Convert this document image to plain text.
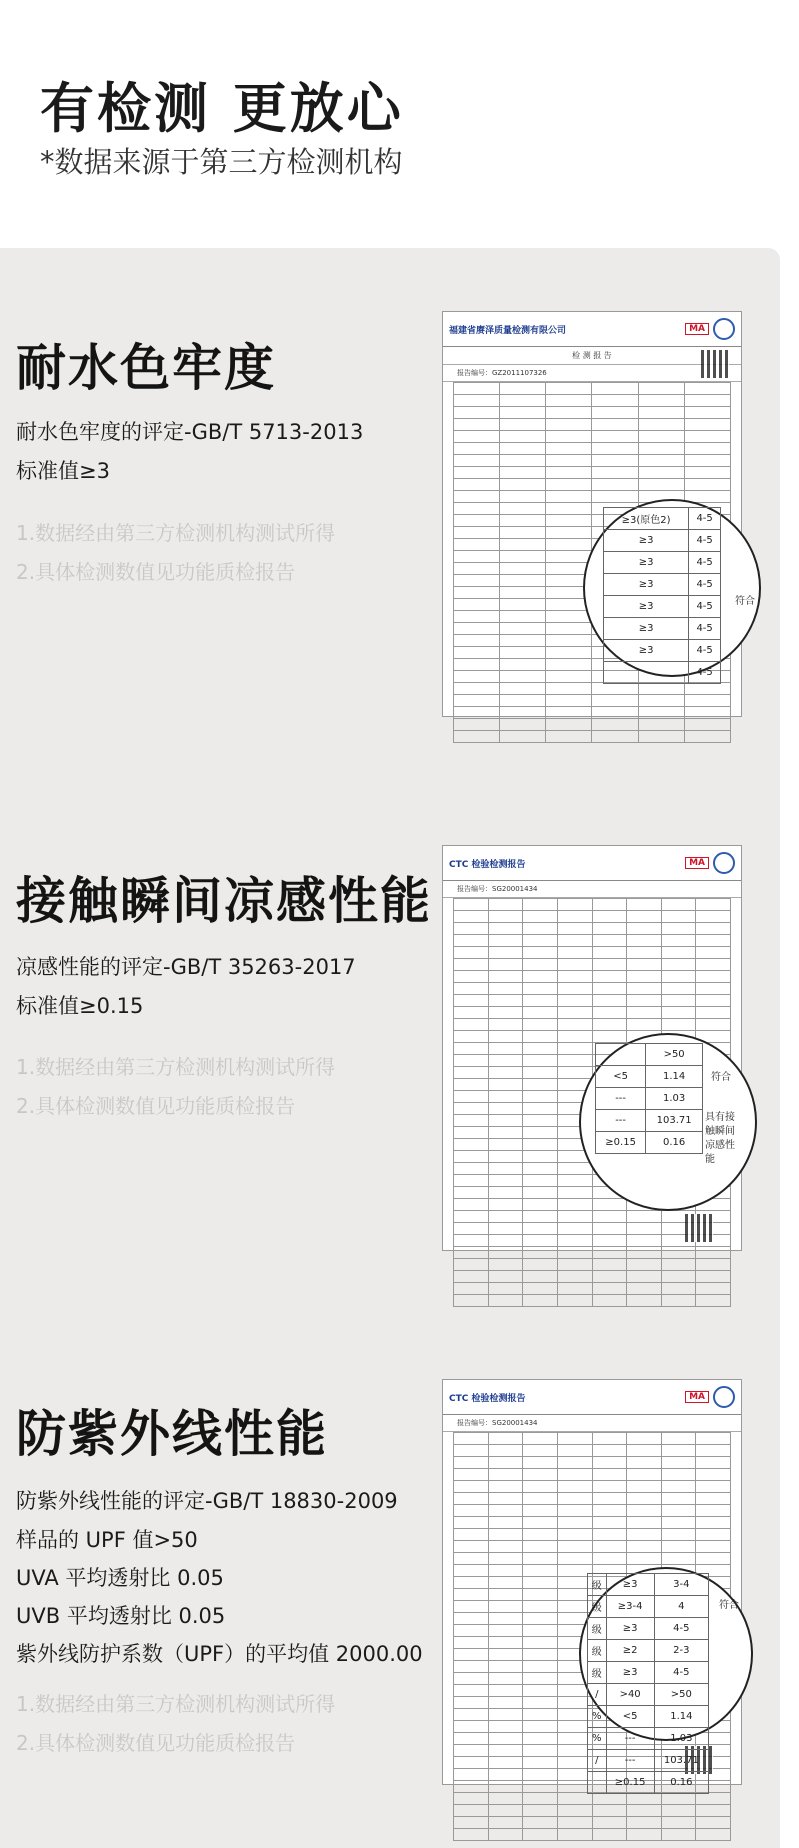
有检测 更放心
*数据来源于第三方检测机构
耐水色牢度
耐水色牢度的评定-GB/T 5713-2013
标准值≥3
1.数据经由第三方检测机构测试所得
2.具体检测数值见功能质检报告
福建省赓泽质量检测有限公司	MA
检 测 报 告
报告编号：GZ2011107326

≥3(原色2)	4-5
≥3	4-5
≥3	4-5
≥3	4-5
≥3	4-5
≥3	4-5
≥3	4-5
	4-5
符合
接触瞬间凉感性能
凉感性能的评定-GB/T 35263-2017
标准值≥0.15
1.数据经由第三方检测机构测试所得
2.具体检测数值见功能质检报告
CTC 检验检测报告	MA
报告编号：SG20001434

	>50
<5	1.14
---	1.03
---	103.71
≥0.15	0.16
符合
具有接触瞬间凉感性能
防紫外线性能
防紫外线性能的评定-GB/T 18830-2009
样品的 UPF 值>50
UVA 平均透射比 0.05
UVB 平均透射比 0.05
紫外线防护系数（UPF）的平均值 2000.00
1.数据经由第三方检测机构测试所得
2.具体检测数值见功能质检报告
CTC 检验检测报告	MA
报告编号：SG20001434

级	≥3	3-4
级	≥3-4	4
级	≥3	4-5
级	≥2	2-3
级	≥3	4-5
/	>40	>50
%	<5	1.14
%	---	1.03
/	---	103.71
	≥0.15	0.16
符合
